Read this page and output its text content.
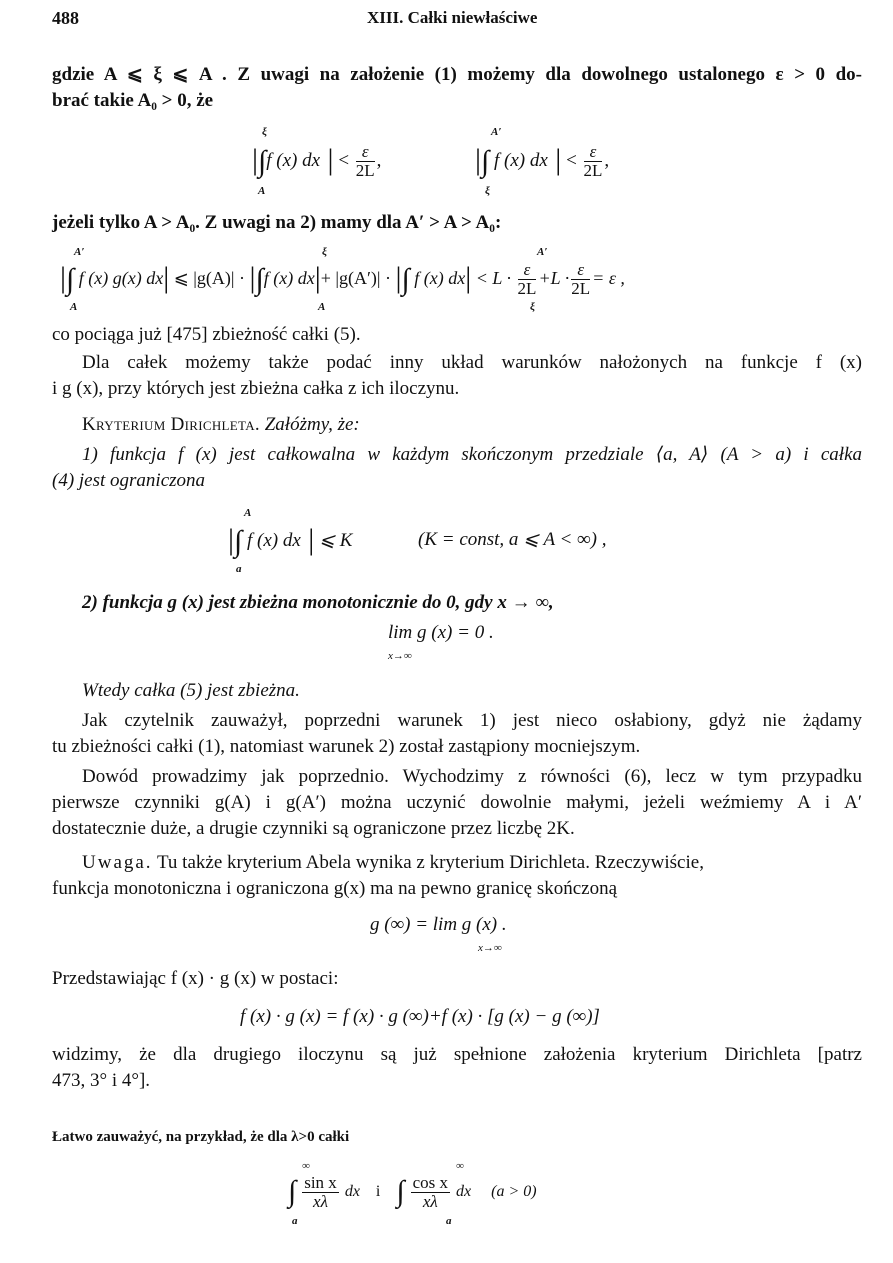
488	XIII. Całki niewłaściwe
gdzie A ⩽ ξ ⩽ A . Z uwagi na założenie (1) możemy dla dowolnego ustalonego ε > 0 do-
brać takie A₀ > 0, że
ξ
A
|∫f (x) dx | < $\frac{\varepsilon}{2L}$ ,
A′
ξ
|∫ f (x) dx | < $\frac{\varepsilon}{2L}$ ,
jeżeli tylko A > A₀. Z uwagi na 2) mamy dla A′ > A > A₀:
A′
A
ξ
A
A′
ξ
|∫ f (x) g(x) dx| ⩽ |g(A)| · |∫f (x) dx|+ |g(A′)| · |∫ f (x) $dx| < L \cdot \frac{\varepsilon}{2L} +L \cdot \frac{\varepsilon}{2L} = \varepsilon$ ,
co pociąga już [475] zbieżność całki (5).
Dla całek możemy także podać inny układ warunków nałożonych na funkcje f (x)
i g (x), przy których jest zbieżna całka z ich iloczynu.
Kryterium Dirichleta. Załóżmy, że:
1) funkcja f (x) jest całkowalna w każdym skończonym przedziale ⟨a, A⟩ (A > a) i całka
(4) jest ograniczona
A
a
|∫ f (x) dx | ⩽ K	(K = const, a ⩽ A < ∞) ,
2) funkcja g (x) jest zbieżna monotonicznie do 0, gdy x → ∞,
lim g (x) = 0 .
x→∞
Wtedy całka (5) jest zbieżna.
Jak czytelnik zauważył, poprzedni warunek 1) jest nieco osłabiony, gdyż nie żądamy
tu zbieżności całki (1), natomiast warunek 2) został zastąpiony mocniejszym.
Dowód prowadzimy jak poprzednio. Wychodzimy z równości (6), lecz w tym przypadku
pierwsze czynniki g(A) i g(A′) można uczynić dowolnie małymi, jeżeli weźmiemy A i A′
dostatecznie duże, a drugie czynniki są ograniczone przez liczbę 2K.
Uwaga. Tu także kryterium Abela wynika z kryterium Dirichleta. Rzeczywiście,
funkcja monotoniczna i ograniczona g(x) ma na pewno granicę skończoną
g (∞) = lim g (x) .
x→∞
Przedstawiając f (x) · g (x) w postaci:
f (x) · g (x) = f (x) · g (∞)+f (x) · [g (x) − g (∞)]
widzimy, że dla drugiego iloczynu są już spełnione założenia kryterium Dirichleta [patrz
473, 3° i 4°].
Łatwo zauważyć, na przykład, że dla λ>0 całki
∞
a
∞
a
∫ $\frac{\text{sin x}}{x\lambda}$ dx i ∫ $\frac{\text{cos x}}{x\lambda}$ dx (a > 0)
